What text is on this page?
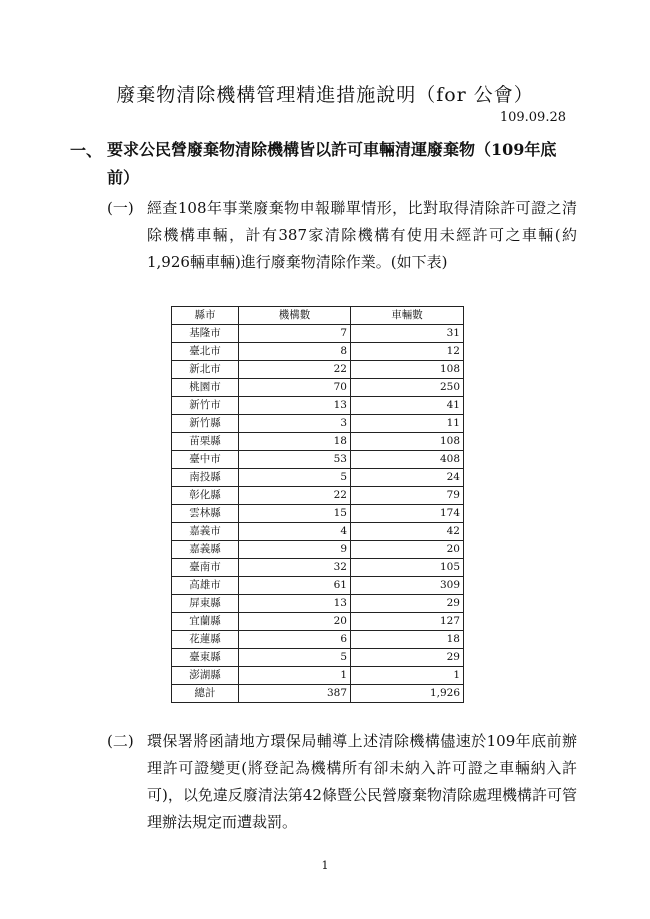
廢棄物清除機構管理精進措施說明（for 公會）
109.09.28
一、 要求公民營廢棄物清除機構皆以許可車輛清運廢棄物（109年底前）
(一) 經查108年事業廢棄物申報聯單情形，比對取得清除許可證之清除機構車輛，計有387家清除機構有使用未經許可之車輛(約1,926輛車輛)進行廢棄物清除作業。(如下表)
縣市	機構數	車輛數
基隆市	7	31
臺北市	8	12
新北市	22	108
桃園市	70	250
新竹市	13	41
新竹縣	3	11
苗栗縣	18	108
臺中市	53	408
南投縣	5	24
彰化縣	22	79
雲林縣	15	174
嘉義市	4	42
嘉義縣	9	20
臺南市	32	105
高雄市	61	309
屏東縣	13	29
宜蘭縣	20	127
花蓮縣	6	18
臺東縣	5	29
澎湖縣	1	1
總計	387	1,926
(二) 環保署將函請地方環保局輔導上述清除機構儘速於109年底前辦理許可證變更(將登記為機構所有卻未納入許可證之車輛納入許可)，以免違反廢清法第42條暨公民營廢棄物清除處理機構許可管理辦法規定而遭裁罰。
1
